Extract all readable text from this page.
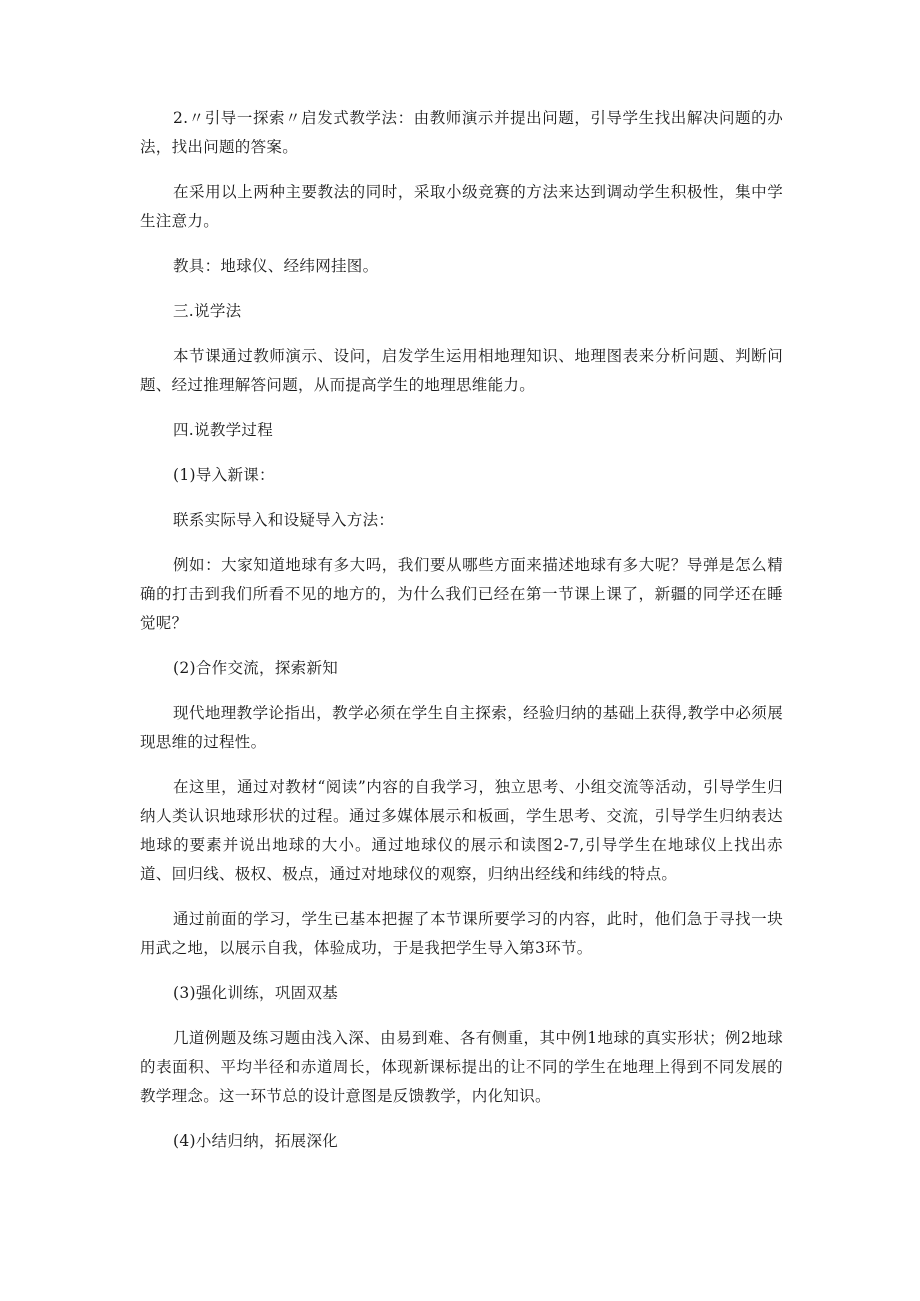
2.〃引导一探索〃启发式教学法：由教师演示并提出问题，引导学生找出解决问题的办法，找出问题的答案。

在采用以上两种主要教法的同时，采取小级竞赛的方法来达到调动学生积极性，集中学生注意力。

教具：地球仪、经纬网挂图。

三.说学法

本节课通过教师演示、设问，启发学生运用相地理知识、地理图表来分析问题、判断问题、经过推理解答问题，从而提高学生的地理思维能力。

四.说教学过程

(1)导入新课：

联系实际导入和设疑导入方法：

例如：大家知道地球有多大吗，我们要从哪些方面来描述地球有多大呢？导弹是怎么精确的打击到我们所看不见的地方的，为什么我们已经在第一节课上课了，新疆的同学还在睡觉呢？

(2)合作交流，探索新知

现代地理教学论指出，教学必须在学生自主探索，经验归纳的基础上获得,教学中必须展现思维的过程性。

在这里，通过对教材“阅读”内容的自我学习，独立思考、小组交流等活动，引导学生归纳人类认识地球形状的过程。通过多媒体展示和板画，学生思考、交流，引导学生归纳表达地球的要素并说出地球的大小。通过地球仪的展示和读图2-7,引导学生在地球仪上找出赤道、回归线、极权、极点，通过对地球仪的观察，归纳出经线和纬线的特点。

通过前面的学习，学生已基本把握了本节课所要学习的内容，此时，他们急于寻找一块用武之地，以展示自我，体验成功，于是我把学生导入第3环节。

(3)强化训练，巩固双基

几道例题及练习题由浅入深、由易到难、各有侧重，其中例1地球的真实形状；例2地球的表面积、平均半径和赤道周长，体现新课标提出的让不同的学生在地理上得到不同发展的教学理念。这一环节总的设计意图是反馈教学，内化知识。

(4)小结归纳，拓展深化
